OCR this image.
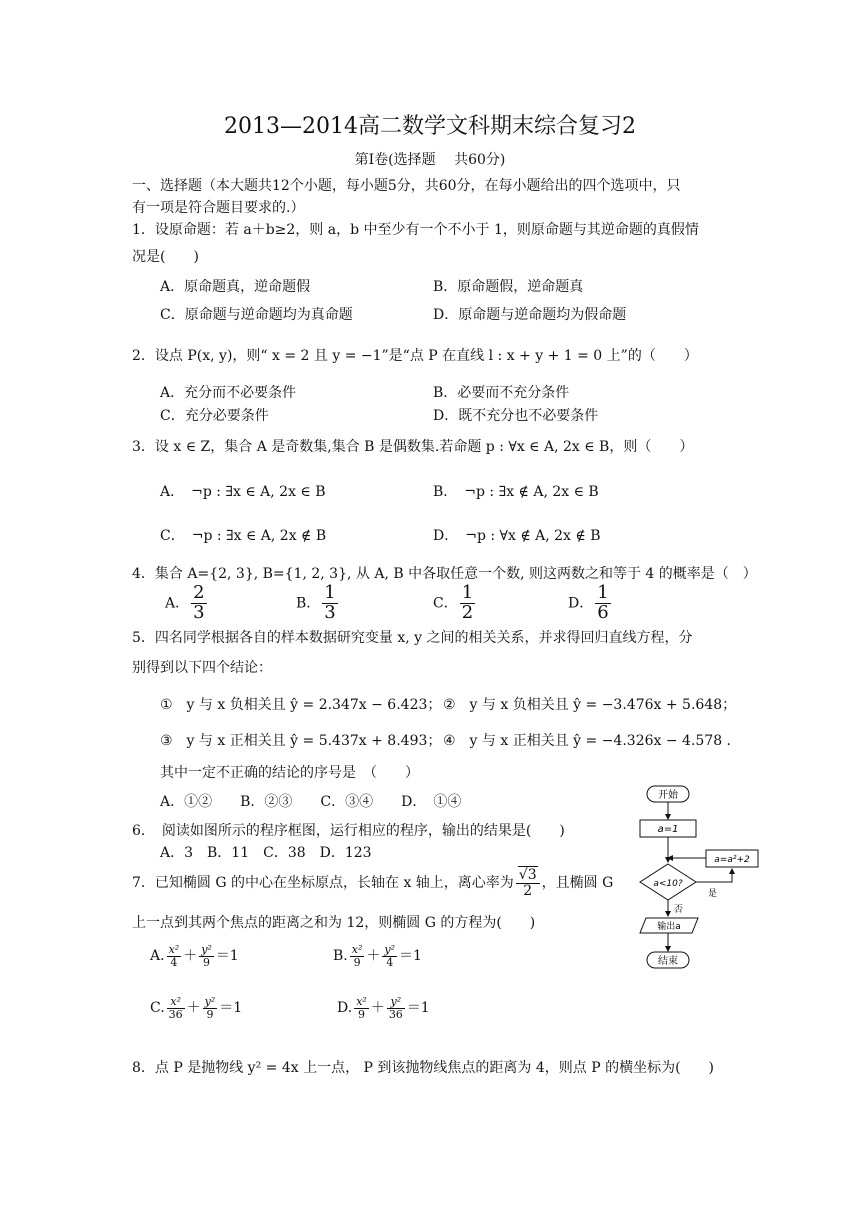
2013—2014高二数学文科期末综合复习2
第Ⅰ卷(选择题　 共60分)
一、选择题（本大题共12个小题，每小题5分，共60分，在每小题给出的四个选项中，只
有一项是符合题目要求的.）
1．设原命题：若 a＋b≥2，则 a，b 中至少有一个不小于 1，则原命题与其逆命题的真假情
况是(　　)
A．原命题真，逆命题假	B．原命题假，逆命题真
C．原命题与逆命题均为真命题	D．原命题与逆命题均为假命题
2．设点 P(x, y)，则“ x = 2 且 y = −1”是“点 P 在直线 l : x + y + 1 = 0 上”的（　　）
A．充分而不必要条件	B．必要而不充分条件
C．充分必要条件	D．既不充分也不必要条件
3．设 x ∈ Z，集合 A 是奇数集,集合 B 是偶数集.若命题 p : ∀x ∈ A, 2x ∈ B，则（　　）
A．　¬p : ∃x ∈ A, 2x ∈ B	B．　¬p : ∃x ∉ A, 2x ∈ B
C．　¬p : ∃x ∈ A, 2x ∉ B	D．　¬p : ∀x ∉ A, 2x ∉ B
4．集合 A={2, 3}, B={1, 2, 3}, 从 A, B 中各取任意一个数, 则这两数之和等于 4 的概率是（　）
A． $\frac{2}{3}$	B． $\frac{1}{3}$	C． $\frac{1}{2}$	D． $\frac{1}{6}$
5．四名同学根据各自的样本数据研究变量 x, y 之间的相关关系，并求得回归直线方程，分
别得到以下四个结论：
①　y 与 x 负相关且 ŷ = 2.347x − 6.423； ②　y 与 x 负相关且 ŷ = −3.476x + 5.648；
③　y 与 x 正相关且 ŷ = 5.437x + 8.493； ④　y 与 x 正相关且 ŷ = −4.326x − 4.578 .
其中一定不正确的结论的序号是　（　　）
A．①②　　B．②③　　C．③④　　D．　①④
6．　阅读如图所示的程序框图，运行相应的程序，输出的结果是(　　)
A．3　B．11　C．38　D．123
开始
a=1
a<10?
a=a²+2
是
否
输出a
结束
7．已知椭圆 G 的中心在坐标原点，长轴在 x 轴上，离心率为 $\frac{√3}{2}$ ，且椭圆 G
上一点到其两个焦点的距离之和为 12，则椭圆 G 的方程为(　　)
A. $\frac{\text{x²}}{4} + \frac{\text{y²}}{9} =1$	B. $\frac{\text{x²}}{9} + \frac{\text{y²}}{4} =1$
C. $\frac{\text{x²}}{36} + \frac{\text{y²}}{9} =1$	D. $\frac{\text{x²}}{9} + \frac{\text{y²}}{36} =1$
8．点 P 是抛物线 y² = 4x 上一点， P 到该抛物线焦点的距离为 4，则点 P 的横坐标为(　　)
